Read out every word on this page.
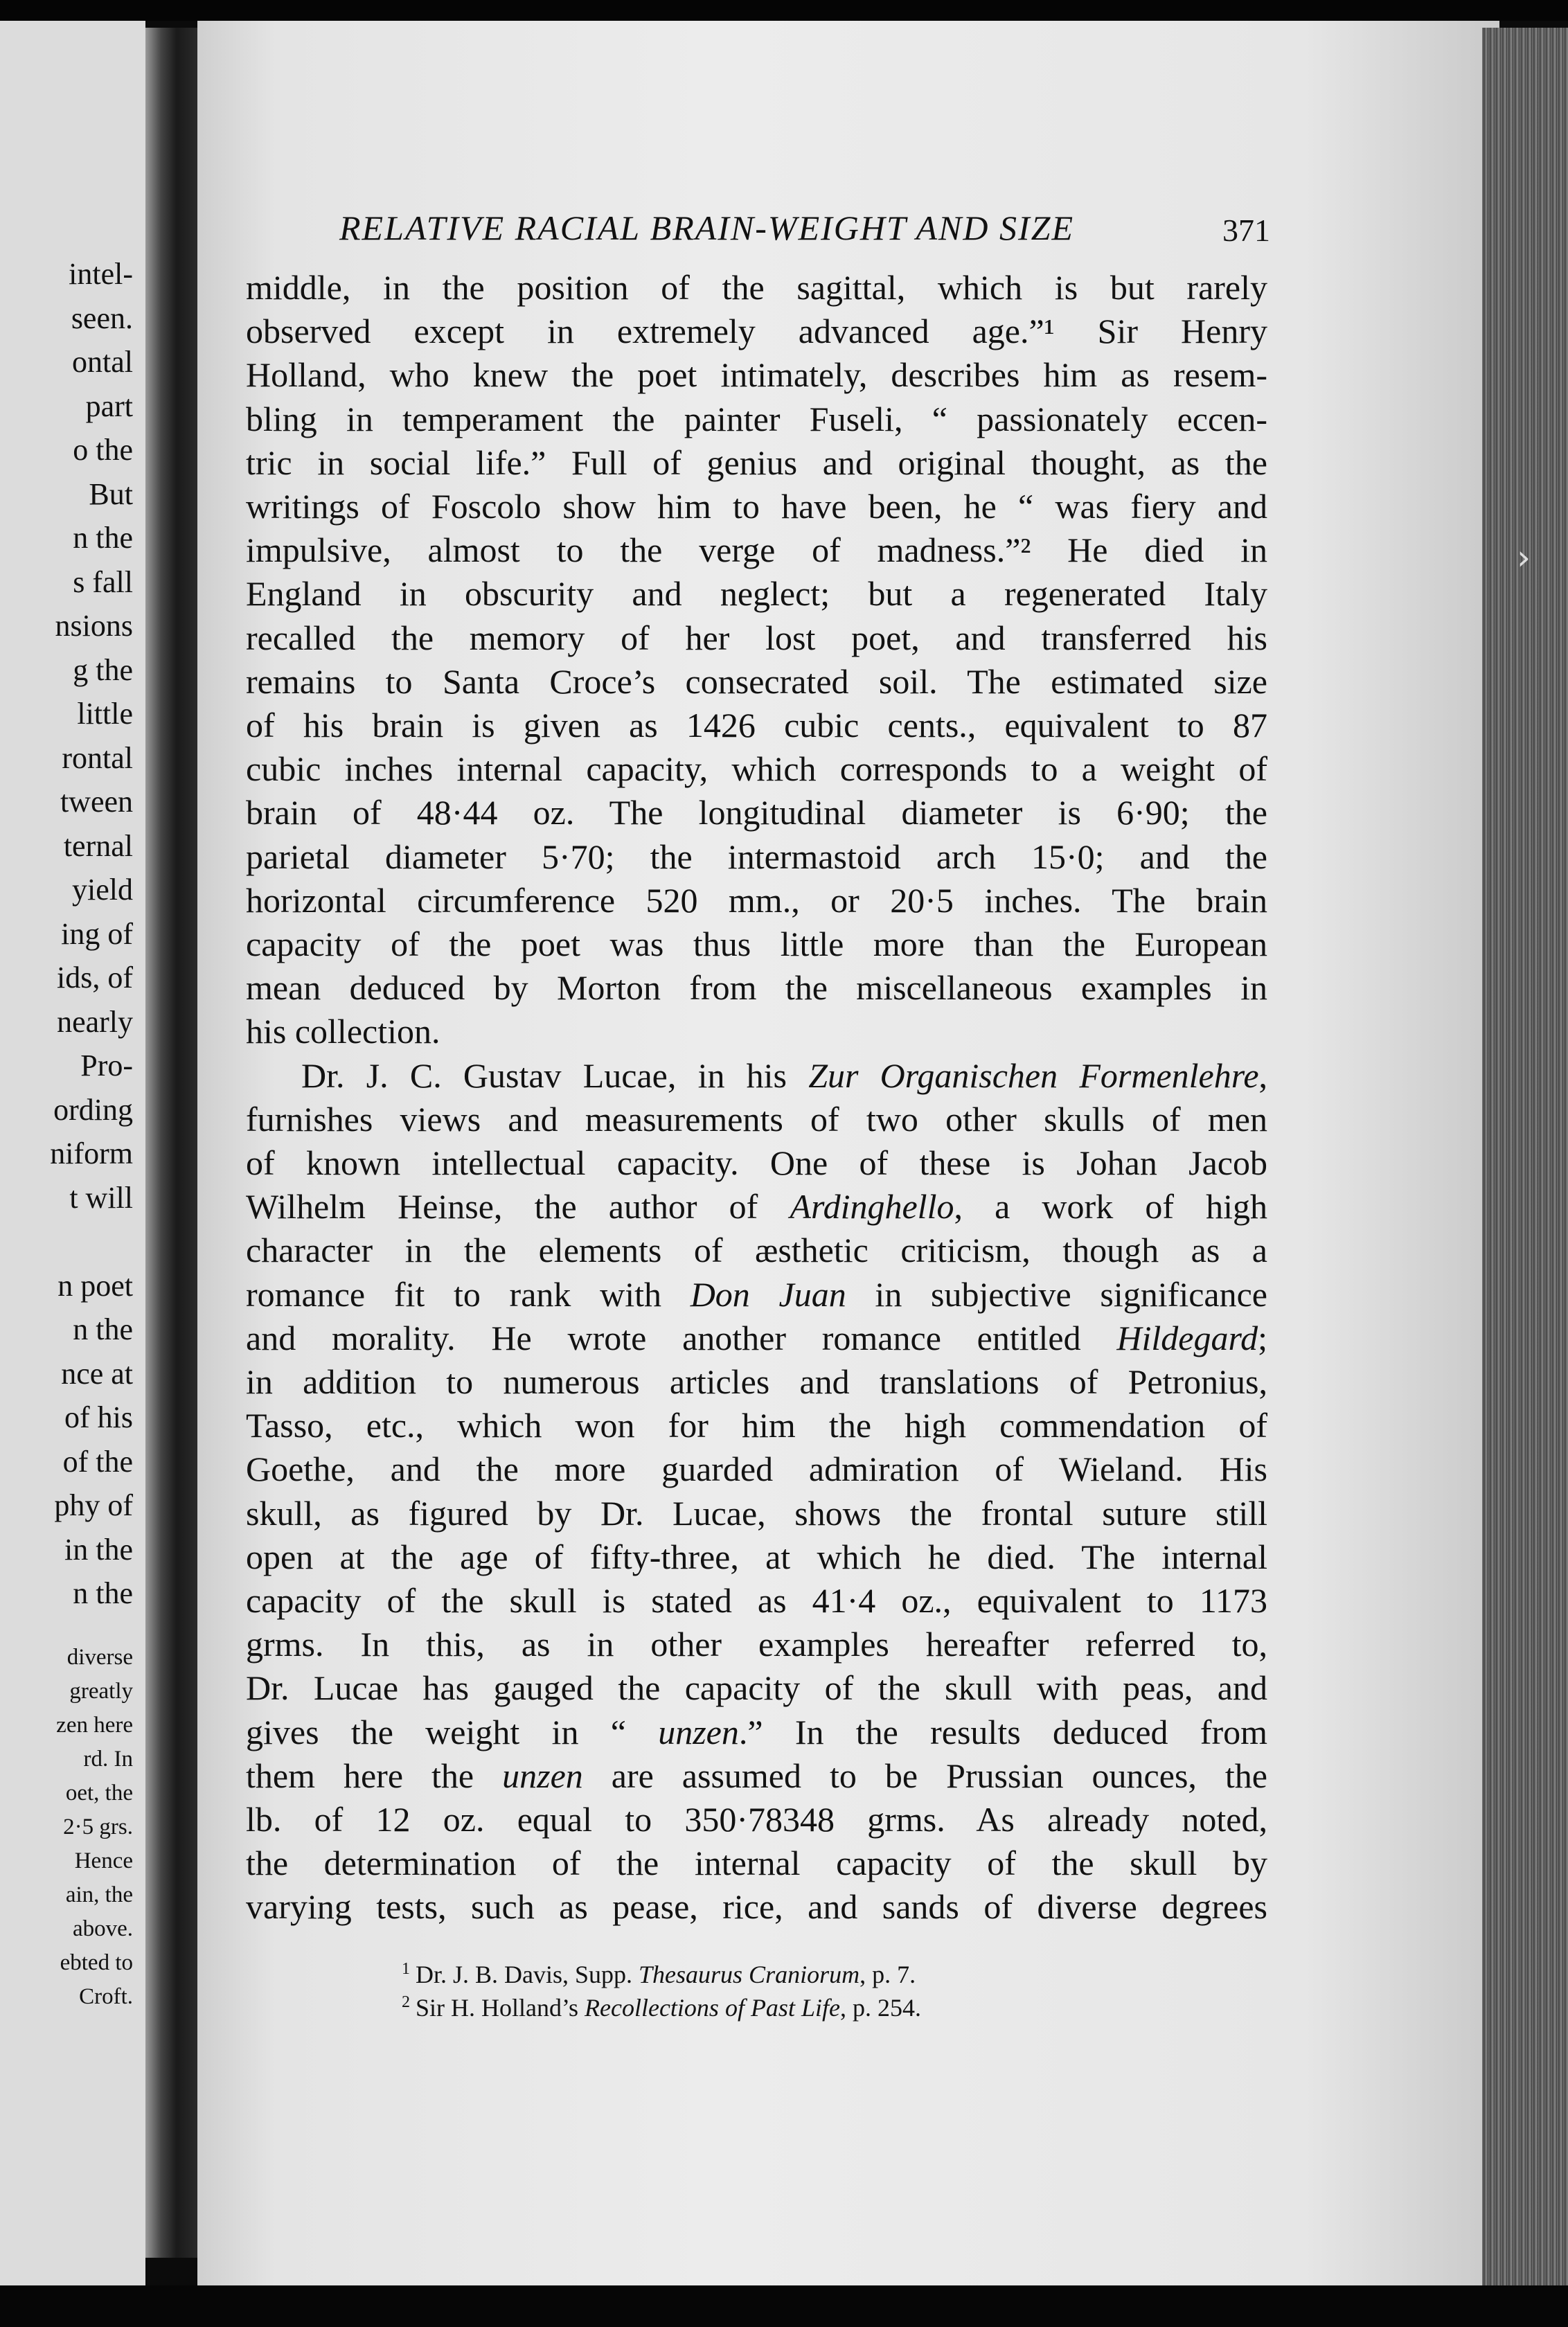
intel-
seen.
ontal
part
o the
But
n the
s fall
nsions
g the
little
rontal
tween
ternal
yield
ing of
ids, of
nearly
Pro-
ording
niform
t will
n poet
n the
nce at
of his
of the
phy of
in the
n the
diverse
greatly
zen here
rd. In
oet, the
2·5 grs.
Hence
ain, the
above.
ebted to
Croft.
›
RELATIVE RACIAL BRAIN-WEIGHT AND SIZE	371
middle, in the position of the sagittal, which is but rarely
observed except in extremely advanced age.”¹ Sir Henry
Holland, who knew the poet intimately, describes him as resem-
bling in temperament the painter Fuseli, “ passionately eccen-
tric in social life.” Full of genius and original thought, as the
writings of Foscolo show him to have been, he “ was fiery and
impulsive, almost to the verge of madness.”² He died in
England in obscurity and neglect; but a regenerated Italy
recalled the memory of her lost poet, and transferred his
remains to Santa Croce’s consecrated soil. The estimated size
of his brain is given as 1426 cubic cents., equivalent to 87
cubic inches internal capacity, which corresponds to a weight of
brain of 48·44 oz. The longitudinal diameter is 6·90; the
parietal diameter 5·70; the intermastoid arch 15·0; and the
horizontal circumference 520 mm., or 20·5 inches. The brain
capacity of the poet was thus little more than the European
mean deduced by Morton from the miscellaneous examples in
his collection.
Dr. J. C. Gustav Lucae, in his Zur Organischen Formenlehre,
furnishes views and measurements of two other skulls of men
of known intellectual capacity. One of these is Johan Jacob
Wilhelm Heinse, the author of Ardinghello, a work of high
character in the elements of æsthetic criticism, though as a
romance fit to rank with Don Juan in subjective significance
and morality. He wrote another romance entitled Hildegard;
in addition to numerous articles and translations of Petronius,
Tasso, etc., which won for him the high commendation of
Goethe, and the more guarded admiration of Wieland. His
skull, as figured by Dr. Lucae, shows the frontal suture still
open at the age of fifty-three, at which he died. The internal
capacity of the skull is stated as 41·4 oz., equivalent to 1173
grms. In this, as in other examples hereafter referred to,
Dr. Lucae has gauged the capacity of the skull with peas, and
gives the weight in “ unzen.” In the results deduced from
them here the unzen are assumed to be Prussian ounces, the
lb. of 12 oz. equal to 350·78348 grms. As already noted,
the determination of the internal capacity of the skull by
varying tests, such as pease, rice, and sands of diverse degrees
$^1$ Dr. J. B. Davis, Supp. Thesaurus Craniorum, p. 7.
$^2$ Sir H. Holland’s Recollections of Past Life, p. 254.
